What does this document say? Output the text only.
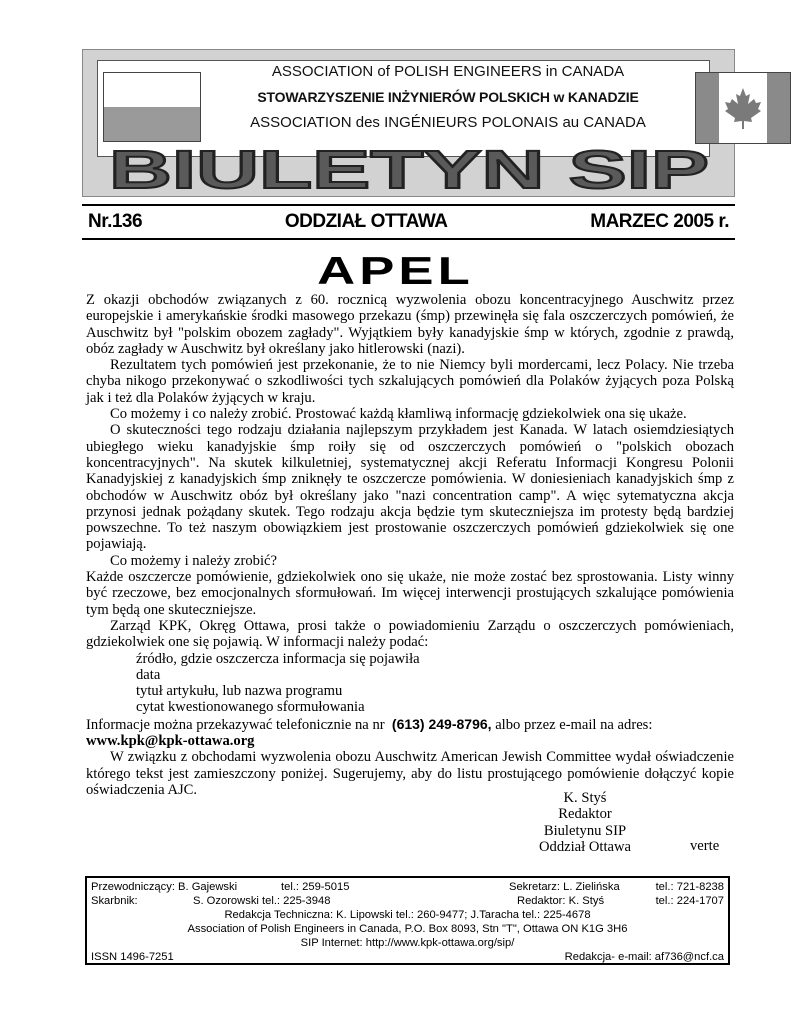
ASSOCIATION of POLISH ENGINEERS in CANADA
STOWARZYSZENIE INŻYNIERÓW POLSKICH w KANADZIE
ASSOCIATION des INGÉNIEURS POLONAIS au CANADA
BIULETYN SIP
Nr.136	ODDZIAŁ OTTAWA	MARZEC 2005 r.
APEL

Z okazji obchodów związanych z 60. rocznicą wyzwolenia obozu koncentracyjnego Auschwitz przez europejskie i amerykańskie środki masowego przekazu (śmp) przewinęła się fala oszczerczych pomówień, że Auschwitz był "polskim obozem zagłady". Wyjątkiem były kanadyjskie śmp w których, zgodnie z prawdą, obóz zagłady w Auschwitz był określany jako hitlerowski (nazi).

Rezultatem tych pomówień jest przekonanie, że to nie Niemcy byli mordercami, lecz Polacy. Nie trzeba chyba nikogo przekonywać o szkodliwości tych szkalujących pomówień dla Polaków żyjących poza Polską jak i też dla Polaków żyjących w kraju.

Co możemy i co należy zrobić. Prostować każdą kłamliwą informację gdziekolwiek ona się ukaże.

O skuteczności tego rodzaju działania najlepszym przykładem jest Kanada. W latach osiemdziesiątych ubiegłego wieku kanadyjskie śmp roiły się od oszczerczych pomówień o "polskich obozach koncentracyjnych". Na skutek kilkuletniej, systematycznej akcji Referatu Informacji Kongresu Polonii Kanadyjskiej z kanadyjskich śmp zniknęły te oszczercze pomówienia. W doniesieniach kanadyjskich śmp z obchodów w Auschwitz obóz był określany jako "nazi concentration camp". A więc sytematyczna akcja przynosi jednak pożądany skutek. Tego rodzaju akcja będzie tym skuteczniejsza im protesty będą bardziej powszechne. To też naszym obowiązkiem jest prostowanie oszczerczych pomówień gdziekolwiek się one pojawiają.

Co możemy i należy zrobić?

Każde oszczercze pomówienie, gdziekolwiek ono się ukaże, nie może zostać bez sprostowania. Listy winny być rzeczowe, bez emocjonalnych sformułowań. Im więcej interwencji prostujących szkalujące pomówienia tym będą one skuteczniejsze.

Zarząd KPK, Okręg Ottawa, prosi także o powiadomieniu Zarządu o oszczerczych pomówieniach, gdziekolwiek one się pojawią. W informacji należy podać:

źródło, gdzie oszczercza informacja się pojawiła

data

tytuł artykułu, lub nazwa programu

cytat kwestionowanego sformułowania

Informacje można przekazywać telefonicznie na nr (613) 249-8796, albo przez e-mail na adres:

www.kpk@kpk-ottawa.org

W związku z obchodami wyzwolenia obozu Auschwitz American Jewish Committee wydał oświadczenie którego tekst jest zamieszczony poniżej. Sugerujemy, aby do listu prostującego pomówienie dołączyć kopie oświadczenia AJC.

K. Styś
Redaktor
Biuletynu SIP
Oddział Ottawa	verte
Przewodniczący: B. Gajewski	tel.: 259-5015	Sekretarz: L. Zielińska	tel.: 721-8238
Skarbnik:	S. Ozorowski tel.: 225-3948	Redaktor: K. Styś	tel.: 224-1707
Redakcja Techniczna: K. Lipowski tel.: 260-9477; J.Taracha tel.: 225-4678
Association of Polish Engineers in Canada, P.O. Box 8093, Stn "T", Ottawa ON K1G 3H6
SIP Internet: http://www.kpk-ottawa.org/sip/
ISSN 1496-7251	Redakcja- e-mail: af736@ncf.ca
